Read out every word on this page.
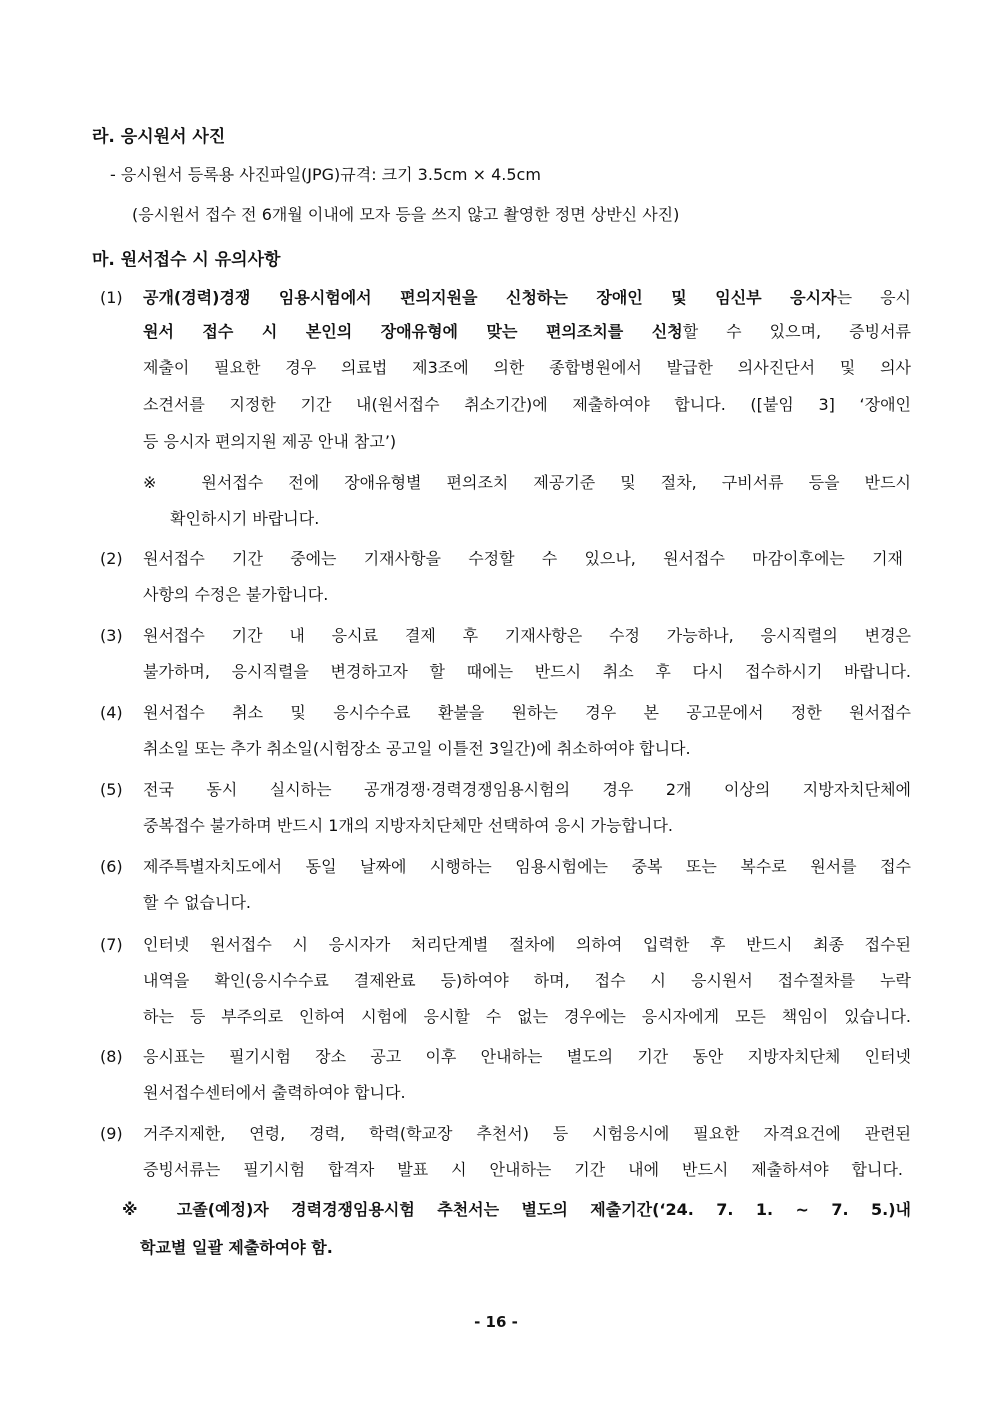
라. 응시원서 사진
- 응시원서 등록용 사진파일(JPG)규격: 크기 3.5cm × 4.5cm
(응시원서 접수 전 6개월 이내에 모자 등을 쓰지 않고 촬영한 정면 상반신 사진)
마. 원서접수 시 유의사항
(1) 공개(경력)경쟁 임용시험에서 편의지원을 신청하는 장애인 및 임신부 응시자는 응시
원서 접수 시 본인의 장애유형에 맞는 편의조치를 신청할 수 있으며, 증빙서류
제출이 필요한 경우 의료법 제3조에 의한 종합병원에서 발급한 의사진단서 및 의사
소견서를 지정한 기간 내(원서접수 취소기간)에 제출하여야 합니다. ([붙임 3] ‘장애인
등 응시자 편의지원 제공 안내 참고’)
※ 원서접수 전에 장애유형별 편의조치 제공기준 및 절차, 구비서류 등을 반드시
확인하시기 바랍니다.
(2) 원서접수 기간 중에는 기재사항을 수정할 수 있으나, 원서접수 마감이후에는 기재
사항의 수정은 불가합니다.
(3) 원서접수 기간 내 응시료 결제 후 기재사항은 수정 가능하나, 응시직렬의 변경은
불가하며, 응시직렬을 변경하고자 할 때에는 반드시 취소 후 다시 접수하시기 바랍니다.
(4) 원서접수 취소 및 응시수수료 환불을 원하는 경우 본 공고문에서 정한 원서접수
취소일 또는 추가 취소일(시험장소 공고일 이틀전 3일간)에 취소하여야 합니다.
(5) 전국 동시 실시하는 공개경쟁·경력경쟁임용시험의 경우 2개 이상의 지방자치단체에
중복접수 불가하며 반드시 1개의 지방자치단체만 선택하여 응시 가능합니다.
(6) 제주특별자치도에서 동일 날짜에 시행하는 임용시험에는 중복 또는 복수로 원서를 접수
할 수 없습니다.
(7) 인터넷 원서접수 시 응시자가 처리단계별 절차에 의하여 입력한 후 반드시 최종 접수된
내역을 확인(응시수수료 결제완료 등)하여야 하며, 접수 시 응시원서 접수절차를 누락
하는 등 부주의로 인하여 시험에 응시할 수 없는 경우에는 응시자에게 모든 책임이 있습니다.
(8) 응시표는 필기시험 장소 공고 이후 안내하는 별도의 기간 동안 지방자치단체 인터넷
원서접수센터에서 출력하여야 합니다.
(9) 거주지제한, 연령, 경력, 학력(학교장 추천서) 등 시험응시에 필요한 자격요건에 관련된
증빙서류는 필기시험 합격자 발표 시 안내하는 기간 내에 반드시 제출하셔야 합니다.
※ 고졸(예정)자 경력경쟁임용시험 추천서는 별도의 제출기간(‘24. 7. 1. ~ 7. 5.)내
학교별 일괄 제출하여야 함.
- 16 -
